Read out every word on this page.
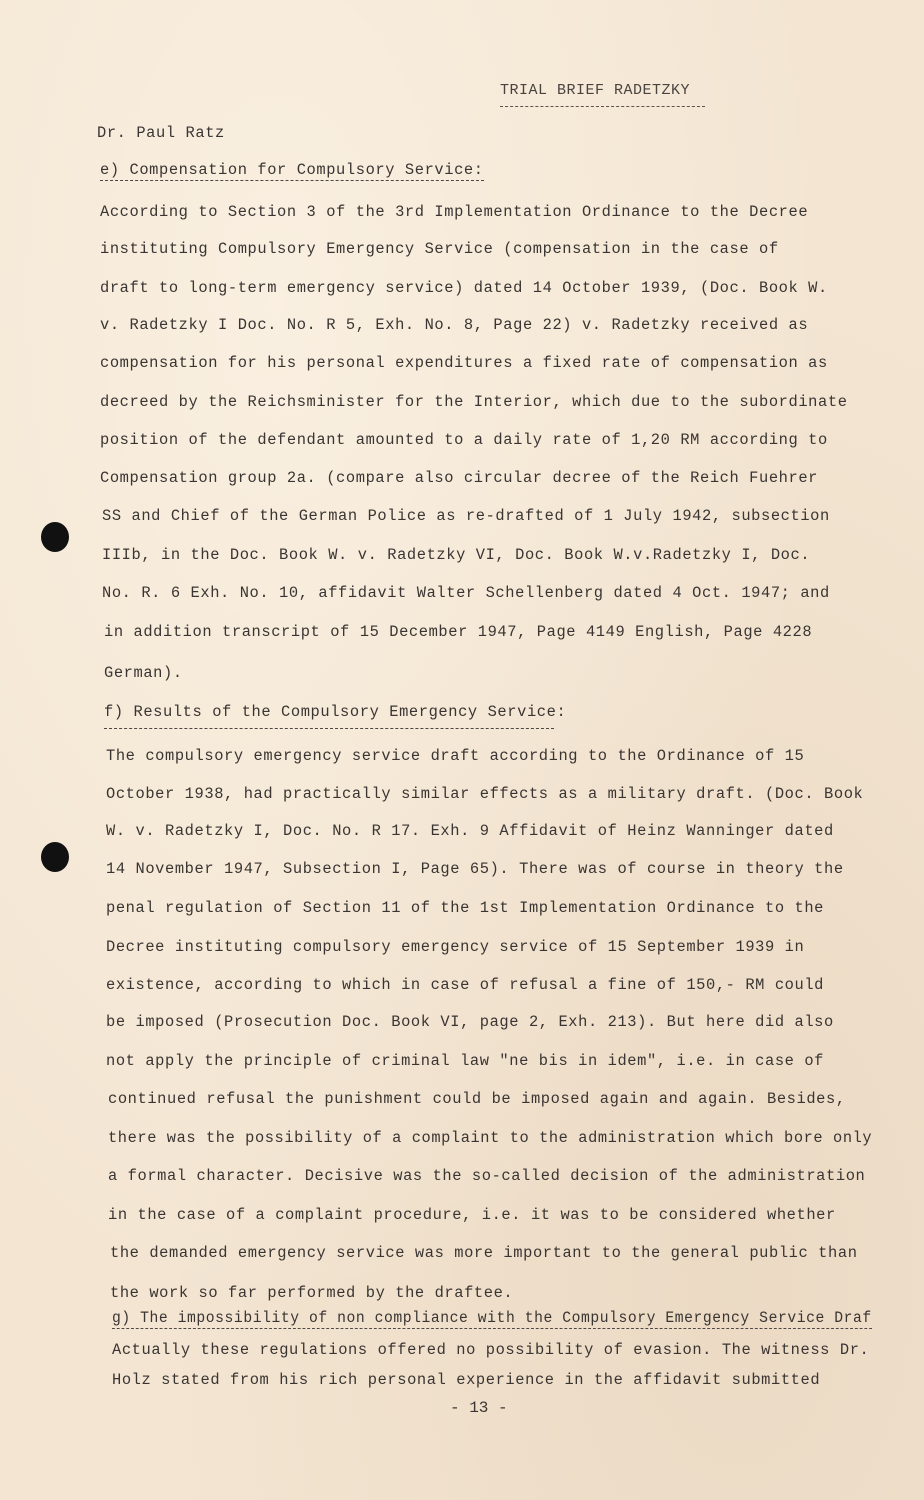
TRIAL BRIEF RADETZKY
Dr. Paul Ratz
e) Compensation for Compulsory Service:
According to Section 3 of the 3rd Implementation Ordinance to the Decree
instituting Compulsory Emergency Service (compensation in the case of
draft to long-term emergency service) dated 14 October 1939, (Doc. Book W.
v. Radetzky I Doc. No. R 5, Exh. No. 8, Page 22) v. Radetzky received as
compensation for his personal expenditures a fixed rate of compensation as
decreed by the Reichsminister for the Interior, which due to the subordinate
position of the defendant amounted to a daily rate of 1,20 RM according to
Compensation group 2a. (compare also circular decree of the Reich Fuehrer
SS and Chief of the German Police as re-drafted of 1 July 1942, subsection
IIIb, in the Doc. Book W. v. Radetzky VI, Doc. Book W.v.Radetzky I, Doc.
No. R. 6 Exh. No. 10, affidavit Walter Schellenberg dated 4 Oct. 1947; and
in addition transcript of 15 December 1947, Page 4149 English, Page 4228
German).
f) Results of the Compulsory Emergency Service:
The compulsory emergency service draft according to the Ordinance of 15
October 1938, had practically similar effects as a military draft. (Doc. Book
W. v. Radetzky I, Doc. No. R 17. Exh. 9 Affidavit of Heinz Wanninger dated
14 November 1947, Subsection I, Page 65). There was of course in theory the
penal regulation of Section 11 of the 1st Implementation Ordinance to the
Decree instituting compulsory emergency service of 15 September 1939 in
existence, according to which in case of refusal a fine of 150,- RM could
be imposed (Prosecution Doc. Book VI, page 2, Exh. 213). But here did also
not apply the principle of criminal law "ne bis in idem", i.e. in case of
continued refusal the punishment could be imposed again and again. Besides,
there was the possibility of a complaint to the administration which bore only
a formal character. Decisive was the so-called decision of the administration
in the case of a complaint procedure, i.e. it was to be considered whether
the demanded emergency service was more important to the general public than
the work so far performed by the draftee.
g) The impossibility of non compliance with the Compulsory Emergency Service Draf
Actually these regulations offered no possibility of evasion. The witness Dr.
Holz stated from his rich personal experience in the affidavit submitted
- 13 -
